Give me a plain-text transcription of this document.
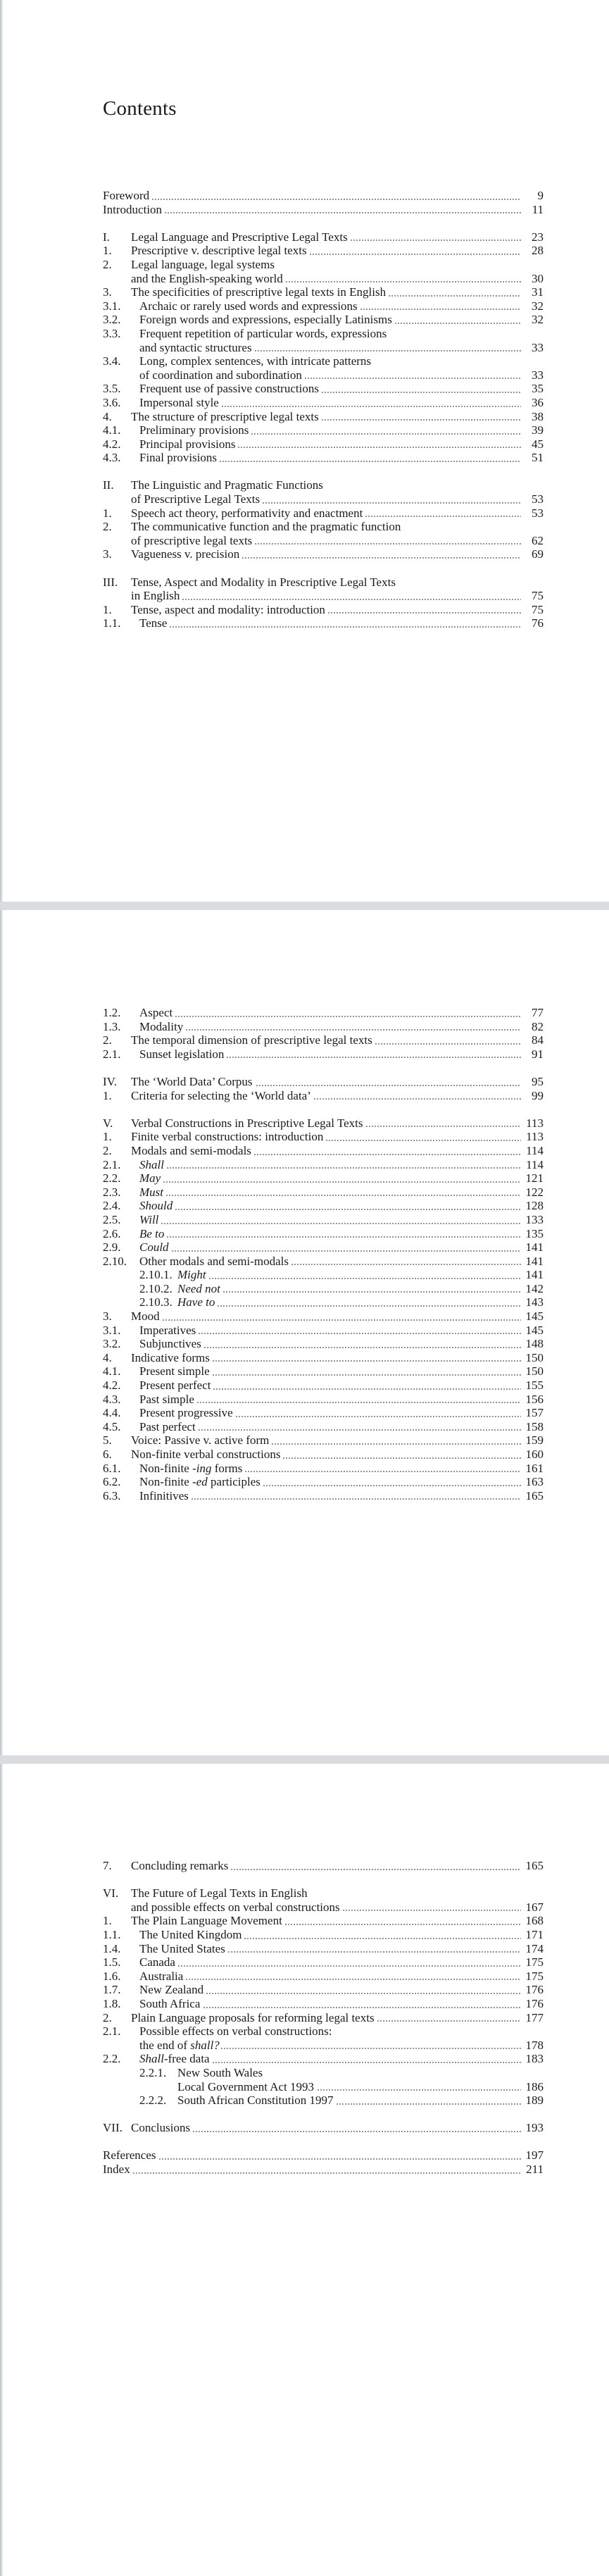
Contents
Foreword	9
Introduction	11
I. Legal Language and Prescriptive Legal Texts	23
1. Prescriptive v. descriptive legal texts	28
2. Legal language, legal systems
and the English-speaking world	30
3. The specificities of prescriptive legal texts in English	31
3.1. Archaic or rarely used words and expressions	32
3.2. Foreign words and expressions, especially Latinisms	32
3.3. Frequent repetition of particular words, expressions
and syntactic structures	33
3.4. Long, complex sentences, with intricate patterns
of coordination and subordination	33
3.5. Frequent use of passive constructions	35
3.6. Impersonal style	36
4. The structure of prescriptive legal texts	38
4.1. Preliminary provisions	39
4.2. Principal provisions	45
4.3. Final provisions	51
II. The Linguistic and Pragmatic Functions
of Prescriptive Legal Texts	53
1. Speech act theory, performativity and enactment	53
2. The communicative function and the pragmatic function
of prescriptive legal texts	62
3. Vagueness v. precision	69
III. Tense, Aspect and Modality in Prescriptive Legal Texts
in English	75
1. Tense, aspect and modality: introduction	75
1.1. Tense	76
1.2. Aspect	77
1.3. Modality	82
2. The temporal dimension of prescriptive legal texts	84
2.1. Sunset legislation	91
IV. The ‘World Data’ Corpus	95
1. Criteria for selecting the ‘World data’	99
V. Verbal Constructions in Prescriptive Legal Texts	113
1. Finite verbal constructions: introduction	113
2. Modals and semi-modals	114
2.1. Shall	114
2.2. May	121
2.3. Must	122
2.4. Should	128
2.5. Will	133
2.6. Be to	135
2.9. Could	141
2.10. Other modals and semi-modals	141
2.10.1. Might	141
2.10.2. Need not	142
2.10.3. Have to	143
3. Mood	145
3.1. Imperatives	145
3.2. Subjunctives	148
4. Indicative forms	150
4.1. Present simple	150
4.2. Present perfect	155
4.3. Past simple	156
4.4. Present progressive	157
4.5. Past perfect	158
5. Voice: Passive v. active form	159
6. Non-finite verbal constructions	160
6.1. Non-finite -ing forms	161
6.2. Non-finite -ed participles	163
6.3. Infinitives	165
7. Concluding remarks	165
VI. The Future of Legal Texts in English
and possible effects on verbal constructions	167
1. The Plain Language Movement	168
1.1. The United Kingdom	171
1.4. The United States	174
1.5. Canada	175
1.6. Australia	175
1.7. New Zealand	176
1.8. South Africa	176
2. Plain Language proposals for reforming legal texts	177
2.1. Possible effects on verbal constructions:
the end of shall?	178
2.2. Shall-free data	183
2.2.1. New South Wales
Local Government Act 1993	186
2.2.2. South African Constitution 1997	189
VII. Conclusions	193
References	197
Index	211
